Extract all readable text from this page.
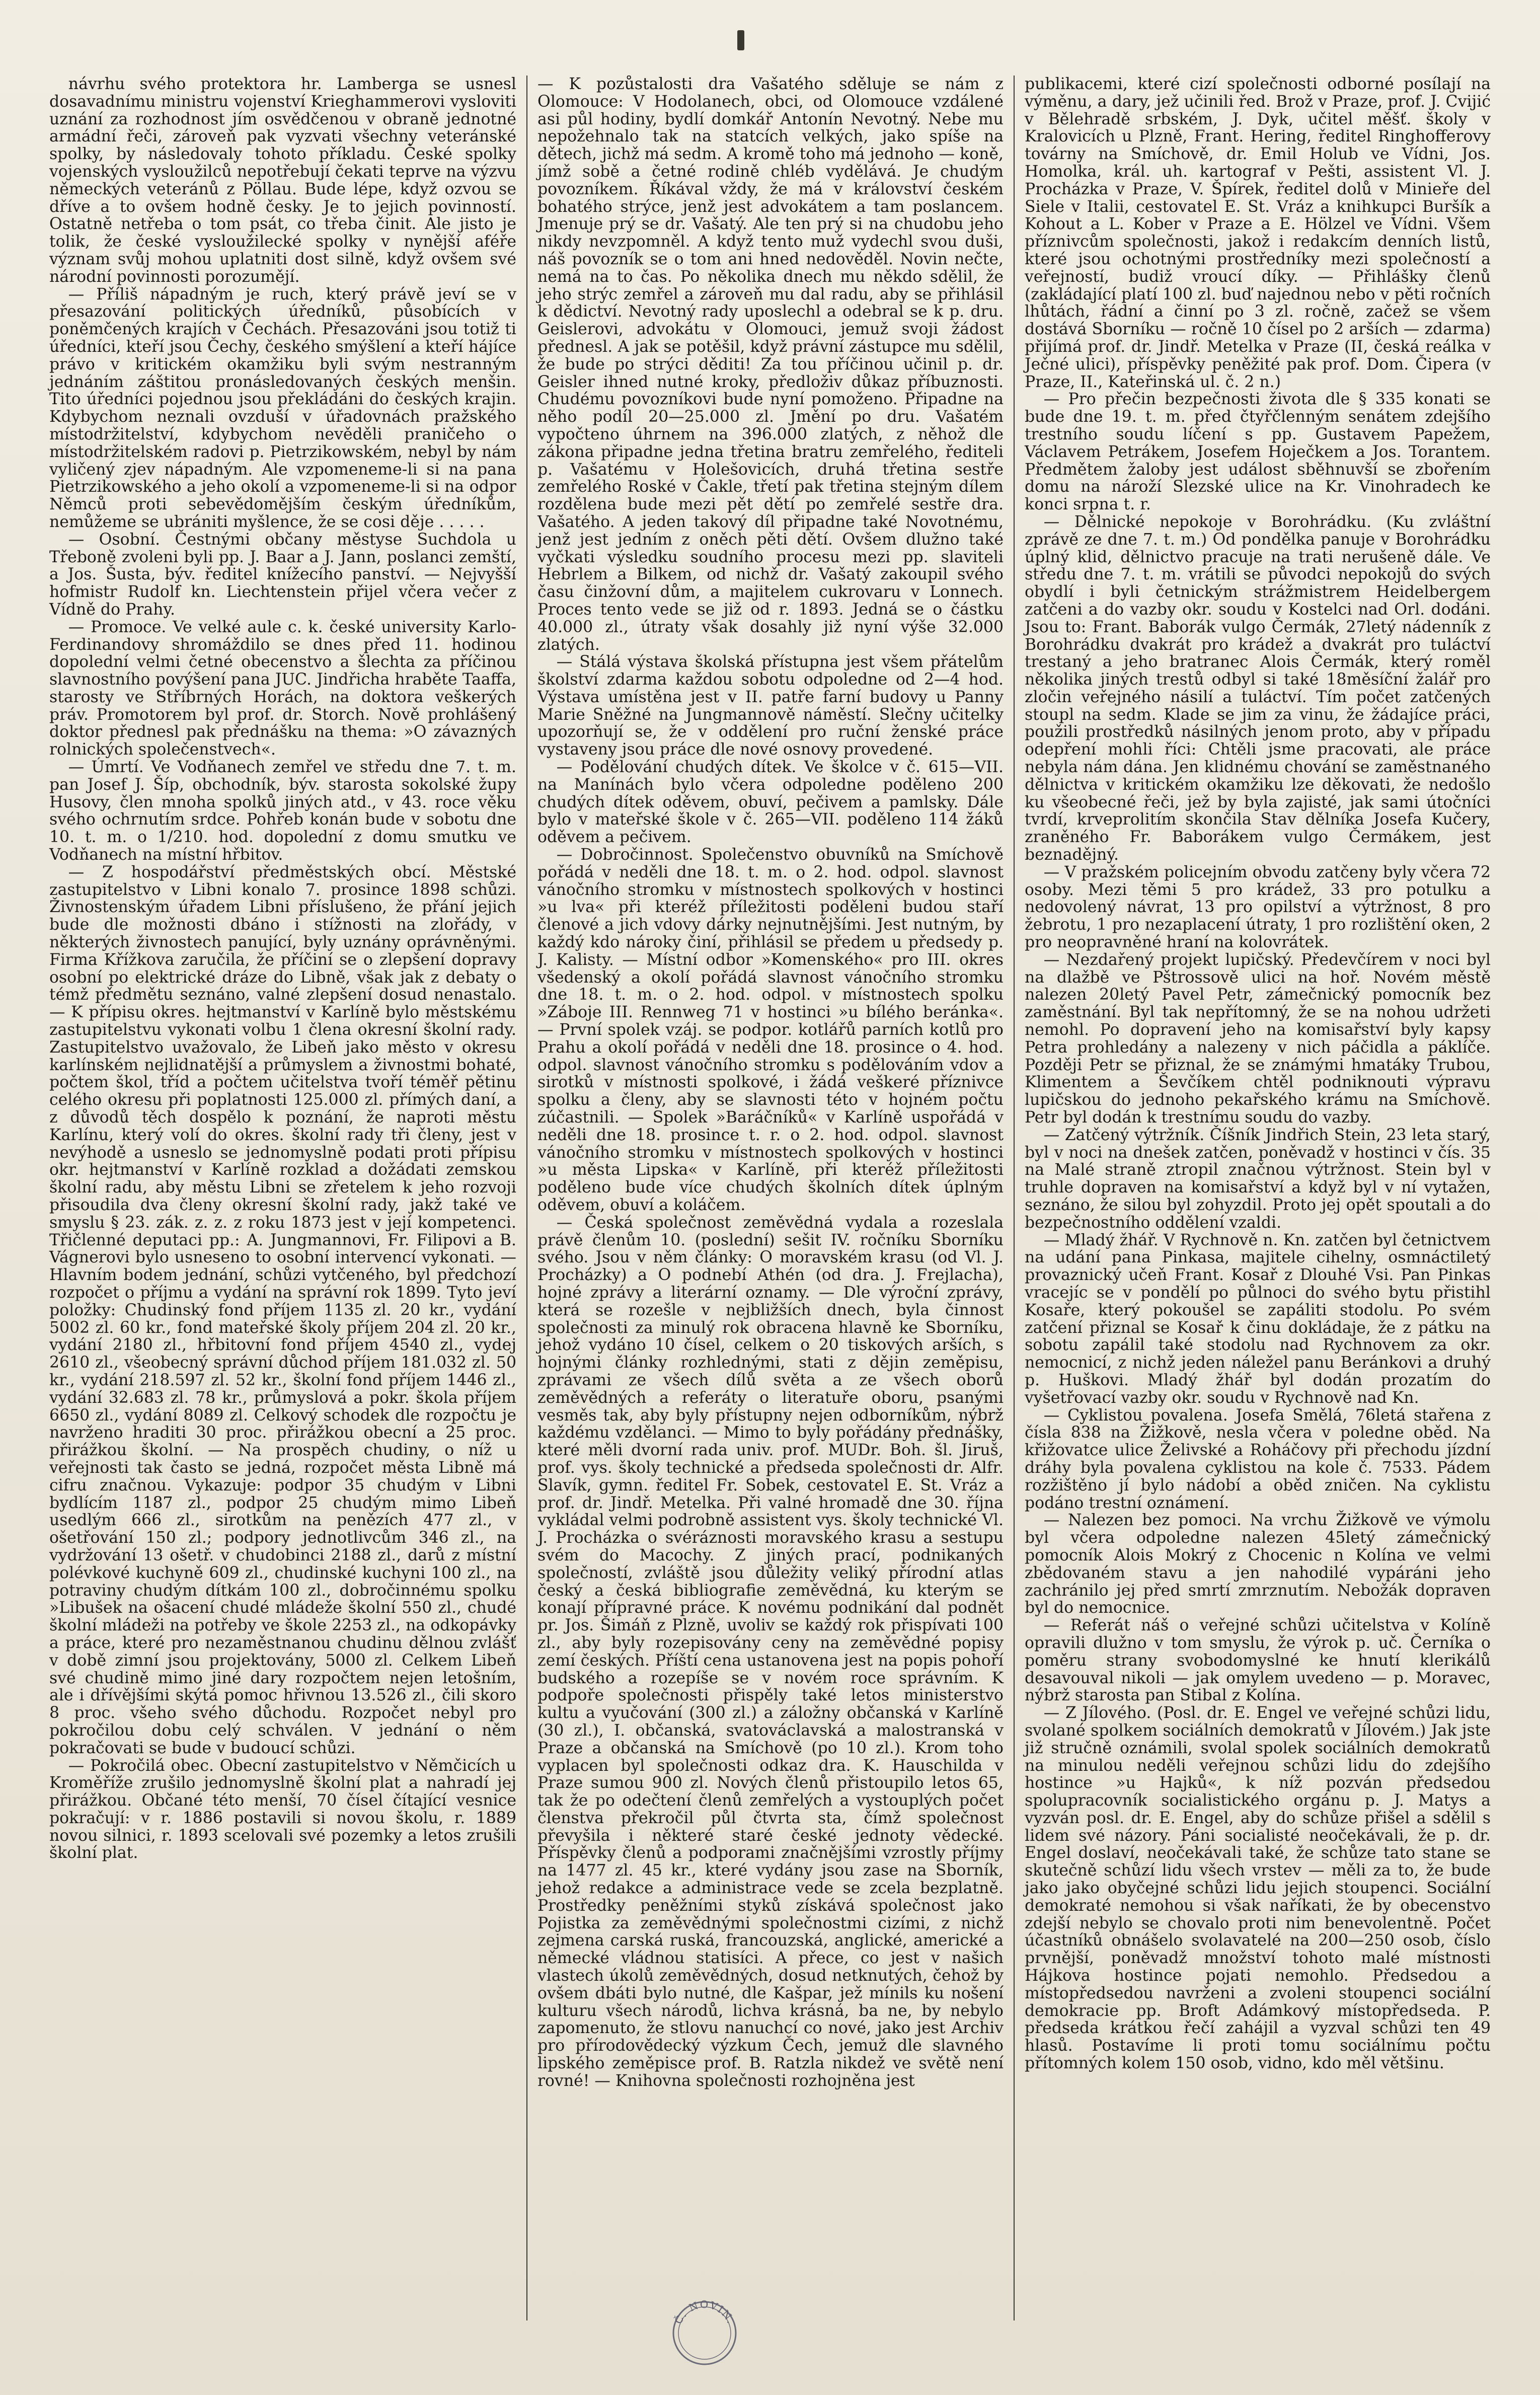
návrhu svého protektora hr. Lamberga se usnesl dosavadnímu ministru vojenství Krieghammerovi vysloviti uznání za rozhodnost jím osvědčenou v obraně jednotné armádní řeči, zároveň pak vyzvati všechny veteránské spolky, by následovaly tohoto příkladu. České spolky vojenských vysloužilců nepotřebují čekati teprve na výzvu německých veteránů z Pöllau. Bude lépe, když ozvou se dříve a to ovšem hodně česky. Je to jejich povinností. Ostatně netřeba o tom psát, co třeba činit. Ale jisto je tolik, že české vysloužilecké spolky v nynější aféře význam svůj mohou uplatniti dost silně, když ovšem své národní povinnosti porozumějí.

— Příliš nápadným je ruch, který právě jeví se v přesazování politických úředníků, působících v poněmčených krajích v Čechách. Přesazováni jsou totiž ti úředníci, kteří jsou Čechy, českého smýšlení a kteří hájíce právo v kritickém okamžiku byli svým nestranným jednáním záštitou pronásledovaných českých menšin. Tito úředníci pojednou jsou překládáni do českých krajin. Kdybychom neznali ovzduší v úřadovnách pražského místodržitelství, kdybychom nevěděli praničeho o místodržitelském radovi p. Pietrzikowském, nebyl by nám vyličený zjev nápadným. Ale vzpomeneme-li si na pana Pietrzikowského a jeho okolí a vzpomeneme-li si na odpor Němců proti sebevědomějším českým úředníkům, nemůžeme se ubrániti myšlence, že se cosi děje . . . . .

— Osobní. Čestnými občany městyse Suchdola u Třeboně zvoleni byli pp. J. Baar a J. Jann, poslanci zemští, a Jos. Šusta, býv. ředitel knížecího panství. — Nejvyšší hofmistr Rudolf kn. Liechtenstein přijel včera večer z Vídně do Prahy.

— Promoce. Ve velké aule c. k. české university Karlo-Ferdinandovy shromáždilo se dnes před 11. hodinou dopolední velmi četné obecenstvo a šlechta za příčinou slavnostního povýšení pana JUC. Jindřicha hraběte Taaffa, starosty ve Stříbrných Horách, na doktora veškerých práv. Promotorem byl prof. dr. Storch. Nově prohlášený doktor přednesl pak přednášku na thema: »O závazných rolnických společenstvech«.

— Úmrtí. Ve Vodňanech zemřel ve středu dne 7. t. m. pan Josef J. Šíp, obchodník, býv. starosta sokolské župy Husovy, člen mnoha spolků jiných atd., v 43. roce věku svého ochrnutím srdce. Pohřeb konán bude v sobotu dne 10. t. m. o 1/210. hod. dopolední z domu smutku ve Vodňanech na místní hřbitov.

— Z hospodářství předměstských obcí. Městské zastupitelstvo v Libni konalo 7. prosince 1898 schůzi. Živnostenským úřadem Libni příslušeno, že přání jejich bude dle možnosti dbáno i stížnosti na zlořády, v některých živnostech panující, byly uznány oprávněnými. Firma Křížkova zaručila, že příčiní se o zlepšení dopravy osobní po elektrické dráze do Libně, však jak z debaty o témž předmětu seznáno, valné zlepšení dosud nenastalo. — K přípisu okres. hejtmanství v Karlíně bylo městskému zastupitelstvu vykonati volbu 1 člena okresní školní rady. Zastupitelstvo uvažovalo, že Libeň jako město v okresu karlínském nejlidnatější a průmyslem a živnostmi bohaté, počtem škol, tříd a počtem učitelstva tvoří téměř pětinu celého okresu při poplatnosti 125.000 zl. přímých daní, a z důvodů těch dospělo k poznání, že naproti městu Karlínu, který volí do okres. školní rady tři členy, jest v nevýhodě a usneslo se jednomyslně podati proti přípisu okr. hejtmanství v Karlíně rozklad a dožádati zemskou školní radu, aby městu Libni se zřetelem k jeho rozvoji přisoudila dva členy okresní školní rady, jakž také ve smyslu § 23. zák. z. z. z roku 1873 jest v její kompetenci. Třičlenné deputaci pp.: A. Jungmannovi, Fr. Filipovi a B. Vágnerovi bylo usneseno to osobní intervencí vykonati. — Hlavním bodem jednání, schůzi vytčeného, byl předchozí rozpočet o příjmu a vydání na správní rok 1899. Tyto jeví položky: Chudinský fond příjem 1135 zl. 20 kr., vydání 5002 zl. 60 kr., fond mateřské školy příjem 204 zl. 20 kr., vydání 2180 zl., hřbitovní fond příjem 4540 zl., vydej 2610 zl., všeobecný správní důchod příjem 181.032 zl. 50 kr., vydání 218.597 zl. 52 kr., školní fond příjem 1446 zl., vydání 32.683 zl. 78 kr., průmyslová a pokr. škola příjem 6650 zl., vydání 8089 zl. Celkový schodek dle rozpočtu je navrženo hraditi 30 proc. přirážkou obecní a 25 proc. přirážkou školní. — Na prospěch chudiny, o níž u veřejnosti tak často se jedná, rozpočet města Libně má cifru značnou. Vykazuje: podpor 35 chudým v Libni bydlícím 1187 zl., podpor 25 chudým mimo Libeň usedlým 666 zl., sirotkům na penězích 477 zl., v ošetřování 150 zl.; podpory jednotlivcům 346 zl., na vydržování 13 ošetř. v chudobinci 2188 zl., darů z místní polévkové kuchyně 609 zl., chudinské kuchyni 100 zl., na potraviny chudým dítkám 100 zl., dobročinnému spolku »Libušek na ošacení chudé mládeže školní 550 zl., chudé školní mládeži na potřeby ve škole 2253 zl., na odkopávky a práce, které pro nezaměstnanou chudinu dělnou zvlášť v době zimní jsou projektovány, 5000 zl. Celkem Libeň své chudině mimo jiné dary rozpočtem nejen letošním, ale i dřívějšími skýtá pomoc hřivnou 13.526 zl., čili skoro 8 proc. všeho svého důchodu. Rozpočet nebyl pro pokročilou dobu celý schválen. V jednání o něm pokračovati se bude v budoucí schůzi.

— Pokročilá obec. Obecní zastupitelstvo v Němčicích u Kroměříže zrušilo jednomyslně školní plat a nahradí jej přirážkou. Občané této menší, 70 čísel čítající vesnice pokračují: v r. 1886 postavili si novou školu, r. 1889 novou silnici, r. 1893 scelovali své pozemky a letos zrušili školní plat.

— K pozůstalosti dra Vašatého sděluje se nám z Olomouce: V Hodolanech, obci, od Olomouce vzdálené asi půl hodiny, bydlí domkář Antonín Nevotný. Nebe mu nepožehnalo tak na statcích velkých, jako spíše na dětech, jichž má sedm. A kromě toho má jednoho — koně, jímž sobě a četné rodině chléb vydělává. Je chudým povozníkem. Říkával vždy, že má v království českém bohatého strýce, jenž jest advokátem a tam poslancem. Jmenuje prý se dr. Vašatý. Ale ten prý si na chudobu jeho nikdy nevzpomněl. A když tento muž vydechl svou duši, náš povozník se o tom ani hned nedověděl. Novin nečte, nemá na to čas. Po několika dnech mu někdo sdělil, že jeho strýc zemřel a zároveň mu dal radu, aby se přihlásil k dědictví. Nevotný rady uposlechl a odebral se k p. dru. Geislerovi, advokátu v Olomouci, jemuž svoji žádost přednesl. A jak se potěšil, když právní zástupce mu sdělil, že bude po strýci děditi! Za tou příčinou učinil p. dr. Geisler ihned nutné kroky, předloživ důkaz příbuznosti. Chudému povozníkovi bude nyní pomoženo. Připadne na něho podíl 20—25.000 zl. Jmění po dru. Vašatém vypočteno úhrnem na 396.000 zlatých, z něhož dle zákona připadne jedna třetina bratru zemřelého, řediteli p. Vašatému v Holešovicích, druhá třetina sestře zemřelého Roské v Čakle, třetí pak třetina stejným dílem rozdělena bude mezi pět dětí po zemřelé sestře dra. Vašatého. A jeden takový díl připadne také Novotnému, jenž jest jedním z oněch pěti dětí. Ovšem dlužno také vyčkati výsledku soudního procesu mezi pp. slaviteli Hebrlem a Bilkem, od nichž dr. Vašatý zakoupil svého času činžovní dům, a majitelem cukrovaru v Lonnech. Proces tento vede se již od r. 1893. Jedná se o částku 40.000 zl., útraty však dosahly již nyní výše 32.000 zlatých.

— Stálá výstava školská přístupna jest všem přátelům školství zdarma každou sobotu odpoledne od 2—4 hod. Výstava umístěna jest v II. patře farní budovy u Panny Marie Sněžné na Jungmannově náměstí. Slečny učitelky upozorňují se, že v oddělení pro ruční ženské práce vystaveny jsou práce dle nové osnovy provedené.

— Podělování chudých dítek. Ve školce v č. 615—VII. na Manínách bylo včera odpoledne poděleno 200 chudých dítek oděvem, obuví, pečivem a pamlsky. Dále bylo v mateřské škole v č. 265—VII. poděleno 114 žáků oděvem a pečivem.

— Dobročinnost. Společenstvo obuvníků na Smíchově pořádá v neděli dne 18. t. m. o 2. hod. odpol. slavnost vánočního stromku v místnostech spolkových v hostinci »u lva« při kteréž příležitosti poděleni budou staří členové a jich vdovy dárky nejnutnějšími. Jest nutným, by každý kdo nároky činí, přihlásil se předem u předsedy p. J. Kalisty. — Místní odbor »Komenského« pro III. okres všedenský a okolí pořádá slavnost vánočního stromku dne 18. t. m. o 2. hod. odpol. v místnostech spolku »Záboje III. Rennweg 71 v hostinci »u bílého beránka«. — První spolek vzáj. se podpor. kotlářů parních kotlů pro Prahu a okolí pořádá v neděli dne 18. prosince o 4. hod. odpol. slavnost vánočního stromku s podělováním vdov a sirotků v místnosti spolkové, i žádá veškeré příznivce spolku a členy, aby se slavnosti této v hojném počtu zúčastnili. — Spolek »Baráčníků« v Karlíně uspořádá v neděli dne 18. prosince t. r. o 2. hod. odpol. slavnost vánočního stromku v místnostech spolkových v hostinci »u města Lipska« v Karlíně, při kteréž příležitosti poděleno bude více chudých školních dítek úplným oděvem, obuví a koláčem.

— Česká společnost zeměvědná vydala a rozeslala právě členům 10. (poslední) sešit IV. ročníku Sborníku svého. Jsou v něm články: O moravském krasu (od Vl. J. Procházky) a O podnebí Athén (od dra. J. Frejlacha), hojné zprávy a literární oznamy. — Dle výroční zprávy, která se rozešle v nejbližších dnech, byla činnost společnosti za minulý rok obracena hlavně ke Sborníku, jehož vydáno 10 čísel, celkem o 20 tiskových arších, s hojnými články rozhlednými, stati z dějin zeměpisu, zprávami ze všech dílů světa a ze všech oborů zeměvědných a referáty o literatuře oboru, psanými vesměs tak, aby byly přístupny nejen odborníkům, nýbrž každému vzdělanci. — Mimo to byly pořádány přednášky, které měli dvorní rada univ. prof. MUDr. Boh. šl. Jiruš, prof. vys. školy technické a předseda společnosti dr. Alfr. Slavík, gymn. ředitel Fr. Sobek, cestovatel E. St. Vráz a prof. dr. Jindř. Metelka. Při valné hromadě dne 30. října vykládal velmi podrobně assistent vys. školy technické Vl. J. Procházka o svéráznosti moravského krasu a sestupu svém do Macochy. Z jiných prací, podnikaných společností, zvláště jsou důležity veliký přírodní atlas český a česká bibliografie zeměvědná, ku kterým se konají přípravné práce. K novému podnikání dal podnět pr. Jos. Šimáň z Plzně, uvoliv se každý rok přispívati 100 zl., aby byly rozepisovány ceny na zeměvědné popisy zemí českých. Příští cena ustanovena jest na popis pohoří budského a rozepíše se v novém roce správním. K podpoře společnosti přispěly také letos ministerstvo kultu a vyučování (300 zl.) a záložny občanská v Karlíně (30 zl.), I. občanská, svatováclavská a malostranská v Praze a občanská na Smíchově (po 10 zl.). Krom toho vyplacen byl společnosti odkaz dra. K. Hauschilda v Praze sumou 900 zl. Nových členů přistoupilo letos 65, tak že po odečtení členů zemřelých a vystouplých počet členstva překročil půl čtvrta sta, čímž společnost převyšila i některé staré české jednoty vědecké. Příspěvky členů a podporami značnějšími vzrostly příjmy na 1477 zl. 45 kr., které vydány jsou zase na Sborník, jehož redakce a administrace vede se zcela bezplatně. Prostředky peněžními styků získává společnost jako Pojistka za zeměvědnými společnostmi cizími, z nichž zejmena carská ruská, francouzská, anglické, americké a německé vládnou statisíci. A přece, co jest v našich vlastech úkolů zeměvědných, dosud netknutých, čehož by ovšem dbáti bylo nutné, dle Kašpar, jež mínils ku nošení kulturu všech národů, lichva krásná, ba ne, by nebylo zapomenuto, že stlovu nanuchcí co nové, jako jest Archiv pro přírodovědecký výzkum Čech, jemuž dle slavného lipského zeměpisce prof. B. Ratzla nikdež ve světě není rovné! — Knihovna společnosti rozhojněna jest

publikacemi, které cizí společnosti odborné posílají na výměnu, a dary, jež učinili řed. Brož v Praze, prof. J. Cvijić v Bělehradě srbském, J. Dyk, učitel měšť. školy v Kralovicích u Plzně, Frant. Hering, ředitel Ringhofferovy továrny na Smíchově, dr. Emil Holub ve Vídni, Jos. Homolka, král. uh. kartograf v Pešti, assistent Vl. J. Procházka v Praze, V. Špírek, ředitel dolů v Minieře del Siele v Italii, cestovatel E. St. Vráz a knihkupci Buršík a Kohout a L. Kober v Praze a E. Hölzel ve Vídni. Všem příznivcům společnosti, jakož i redakcím denních listů, které jsou ochotnými prostředníky mezi společností a veřejností, budiž vroucí díky. — Přihlášky členů (zakládající platí 100 zl. buď najednou nebo v pěti ročních lhůtách, řádní a činní po 3 zl. ročně, začež se všem dostává Sborníku — ročně 10 čísel po 2 arších — zdarma) přijímá prof. dr. Jindř. Metelka v Praze (II, česká reálka v Ječné ulici), příspěvky peněžité pak prof. Dom. Čipera (v Praze, II., Kateřinská ul. č. 2 n.)

— Pro přečin bezpečnosti života dle § 335 konati se bude dne 19. t. m. před čtyřčlenným senátem zdejšího trestního soudu líčení s pp. Gustavem Papežem, Václavem Petrákem, Josefem Hoječkem a Jos. Torantem. Předmětem žaloby jest událost sběhnuvší se zbořením domu na nároží Slezské ulice na Kr. Vinohradech ke konci srpna t. r.

— Dělnické nepokoje v Borohrádku. (Ku zvláštní zprávě ze dne 7. t. m.) Od pondělka panuje v Borohrádku úplný klid, dělnictvo pracuje na trati nerušeně dále. Ve středu dne 7. t. m. vrátili se původci nepokojů do svých obydlí i byli četnickým strážmistrem Heidelbergem zatčeni a do vazby okr. soudu v Kostelci nad Orl. dodáni. Jsou to: Frant. Baborák vulgo Čermák, 27letý nádenník z Borohrádku dvakrát pro krádež a dvakrát pro tuláctví trestaný a jeho bratranec Alois Čermák, který roměl několika jiných trestů odbyl si také 18měsíční žalář pro zločin veřejného násilí a tuláctví. Tím počet zatčených stoupl na sedm. Klade se jim za vinu, že žádajíce práci, použili prostředků násilných jenom proto, aby v případu odepření mohli říci: Chtěli jsme pracovati, ale práce nebyla nám dána. Jen klidnému chování se zaměstnaného dělnictva v kritickém okamžiku lze děkovati, že nedošlo ku všeobecné řeči, jež by byla zajisté, jak sami útočníci tvrdí, krveprolitím skončila Stav dělníka Josefa Kučery, zraněného Fr. Baborákem vulgo Čermákem, jest beznadějný.

— V pražském policejním obvodu zatčeny byly včera 72 osoby. Mezi těmi 5 pro krádež, 33 pro potulku a nedovolený návrat, 13 pro opilství a výtržnost, 8 pro žebrotu, 1 pro nezaplacení útraty, 1 pro rozlištění oken, 2 pro neopravněné hraní na kolovrátek.

— Nezdařený projekt lupičský. Předevčírem v noci byl na dlažbě ve Pštrossově ulici na hoř. Novém městě nalezen 20letý Pavel Petr, zámečnický pomocník bez zaměstnání. Byl tak nepřítomný, že se na nohou udržeti nemohl. Po dopravení jeho na komisařství byly kapsy Petra prohledány a nalezeny v nich páčidla a páklíče. Později Petr se přiznal, že se známými hmatáky Trubou, Klimentem a Ševčíkem chtěl podniknouti výpravu lupičskou do jednoho pekařského krámu na Smíchově. Petr byl dodán k trestnímu soudu do vazby.

— Zatčený výtržník. Číšník Jindřich Stein, 23 leta starý, byl v noci na dnešek zatčen, poněvadž v hostinci v čís. 35 na Malé straně ztropil značnou výtržnost. Stein byl v truhle dopraven na komisařství a když byl v ní vytažen, seznáno, že silou byl zohyzdil. Proto jej opět spoutali a do bezpečnostního oddělení vzaldi.

— Mladý žhář. V Rychnově n. Kn. zatčen byl četnictvem na udání pana Pinkasa, majitele cihelny, osmnáctiletý provaznický učeň Frant. Kosař z Dlouhé Vsi. Pan Pinkas vracejíc se v pondělí po půlnoci do svého bytu přistihl Kosaře, který pokoušel se zapáliti stodolu. Po svém zatčení přiznal se Kosař k činu dokládaje, že z pátku na sobotu zapálil také stodolu nad Rychnovem za okr. nemocnicí, z nichž jeden náležel panu Beránkovi a druhý p. Huškovi. Mladý žhář byl dodán prozatím do vyšetřovací vazby okr. soudu v Rychnově nad Kn.

— Cyklistou povalena. Josefa Smělá, 76letá stařena z čísla 838 na Žižkově, nesla včera v poledne oběd. Na křižovatce ulice Želivské a Roháčovy při přechodu jízdní dráhy byla povalena cyklistou na kole č. 7533. Pádem rozžištěno jí bylo nádobí a oběd zničen. Na cyklistu podáno trestní oznámení.

— Nalezen bez pomoci. Na vrchu Žižkově ve výmolu byl včera odpoledne nalezen 45letý zámečnický pomocník Alois Mokrý z Chocenic n Kolína ve velmi zbědovaném stavu a jen nahodilé vypáráni jeho zachránilo jej před smrtí zmrznutím. Nebožák dopraven byl do nemocnice.

— Referát náš o veřejné schůzi učitelstva v Kolíně opravili dlužno v tom smyslu, že výrok p. uč. Černíka o poměru strany svobodomyslné ke hnutí klerikálů desavouval nikoli — jak omylem uvedeno — p. Moravec, nýbrž starosta pan Stibal z Kolína.

— Z Jílového. (Posl. dr. E. Engel ve veřejné schůzi lidu, svolané spolkem sociálních demokratů v Jílovém.) Jak jste již stručně oznámili, svolal spolek sociálních demokratů na minulou neděli veřejnou schůzi lidu do zdejšího hostince »u Hajků«, k níž pozván předsedou spolupracovník socialistického orgánu p. J. Matys a vyzván posl. dr. E. Engel, aby do schůze přišel a sdělil s lidem své názory. Páni socialisté neočekávali, že p. dr. Engel doslaví, neočekávali také, že schůze tato stane se skutečně schůzí lidu všech vrstev — měli za to, že bude jako jako obyčejné schůzi lidu jejich stoupenci. Sociální demokraté nemohou si však naříkati, že by obecenstvo zdejší nebylo se chovalo proti nim benevolentně. Počet účastníků obnášelo svolavatelé na 200—250 osob, číslo prvnější, poněvadž množství tohoto malé místnosti Hájkova hostince pojati nemohlo. Předsedou a místopředsedou navrženi a zvoleni stoupenci sociální demokracie pp. Broft Adámkový místopředseda. P. předseda krátkou řečí zahájil a vyzval schůzi ten 49 hlasů. Postavíme li proti tomu sociálnímu počtu přítomných kolem 150 osob, vidno, kdo měl většinu.

Č. NOVIN.
